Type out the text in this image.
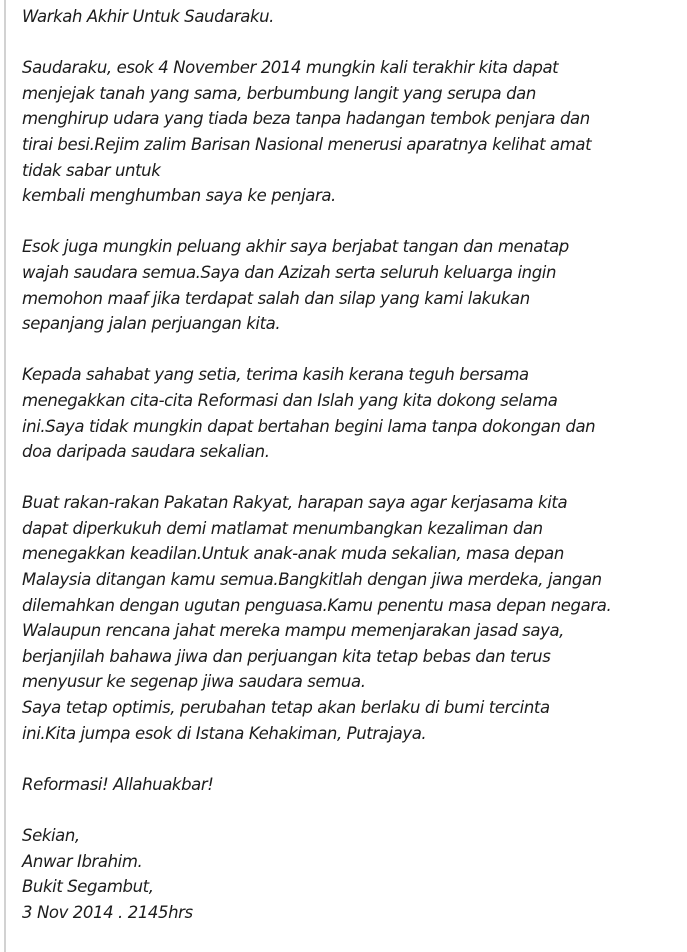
Warkah Akhir Untuk Saudaraku.
Saudaraku, esok 4 November 2014 mungkin kali terakhir kita dapat
menjejak tanah yang sama, berbumbung langit yang serupa dan
menghirup udara yang tiada beza tanpa hadangan tembok penjara dan
tirai besi.Rejim zalim Barisan Nasional menerusi aparatnya kelihat amat
tidak sabar untuk
kembali menghumban saya ke penjara.
Esok juga mungkin peluang akhir saya berjabat tangan dan menatap
wajah saudara semua.Saya dan Azizah serta seluruh keluarga ingin
memohon maaf jika terdapat salah dan silap yang kami lakukan
sepanjang jalan perjuangan kita.
Kepada sahabat yang setia, terima kasih kerana teguh bersama
menegakkan cita-cita Reformasi dan Islah yang kita dokong selama
ini.Saya tidak mungkin dapat bertahan begini lama tanpa dokongan dan
doa daripada saudara sekalian.
Buat rakan-rakan Pakatan Rakyat, harapan saya agar kerjasama kita
dapat diperkukuh demi matlamat menumbangkan kezaliman dan
menegakkan keadilan.Untuk anak-anak muda sekalian, masa depan
Malaysia ditangan kamu semua.Bangkitlah dengan jiwa merdeka, jangan
dilemahkan dengan ugutan penguasa.Kamu penentu masa depan negara.
Walaupun rencana jahat mereka mampu memenjarakan jasad saya,
berjanjilah bahawa jiwa dan perjuangan kita tetap bebas dan terus
menyusur ke segenap jiwa saudara semua.
Saya tetap optimis, perubahan tetap akan berlaku di bumi tercinta
ini.Kita jumpa esok di Istana Kehakiman, Putrajaya.
Reformasi! Allahuakbar!
Sekian,
Anwar Ibrahim.
Bukit Segambut,
3 Nov 2014 . 2145hrs
